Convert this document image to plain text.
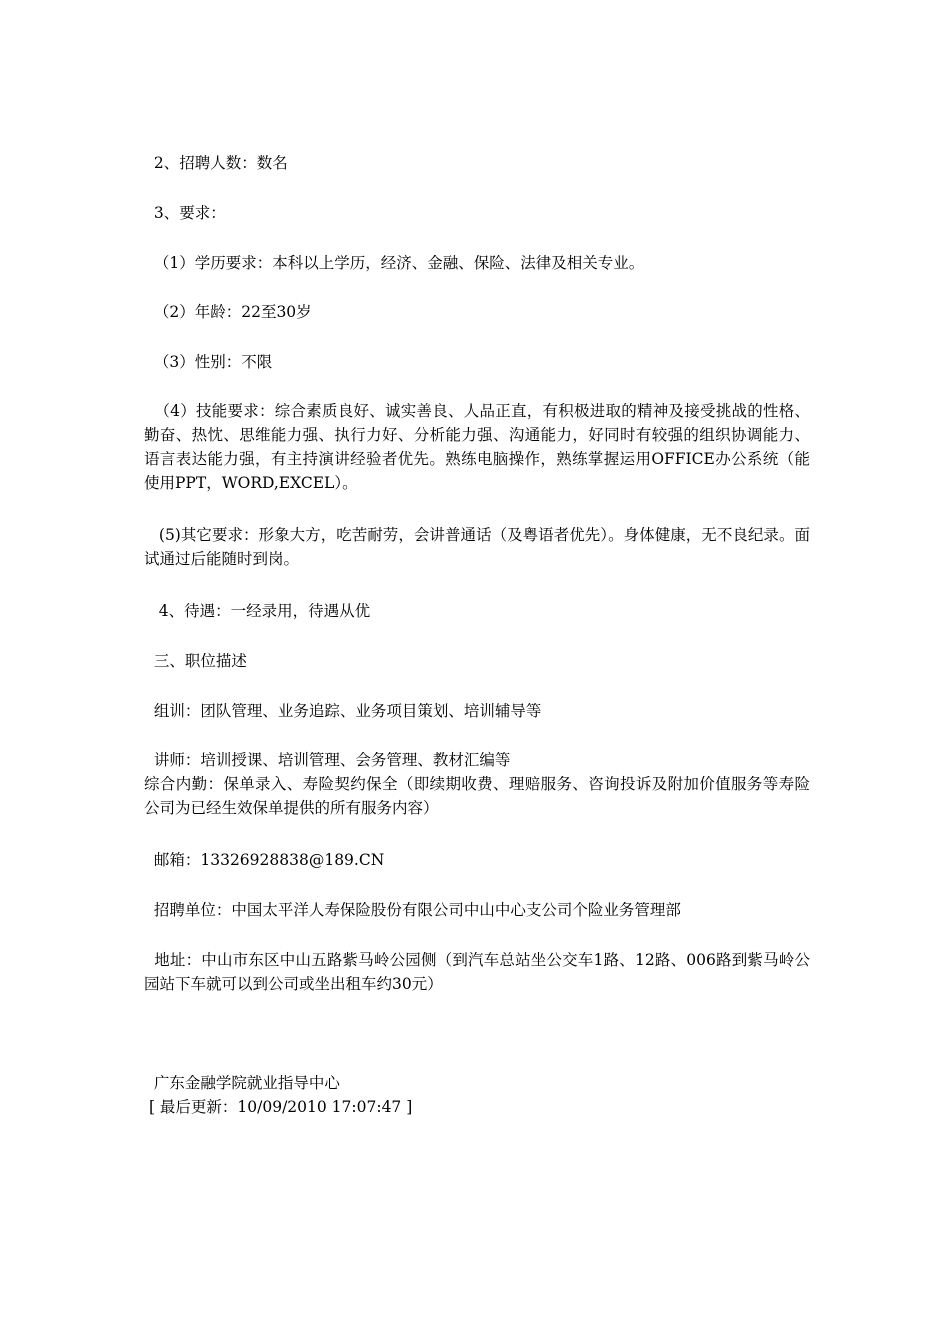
2、招聘人数：数名
3、要求：
（1）学历要求：本科以上学历，经济、金融、保险、法律及相关专业。
（2）年龄：22至30岁
（3）性别：不限
（4）技能要求：综合素质良好、诚实善良、人品正直，有积极进取的精神及接受挑战的性格、勤奋、热忱、思维能力强、执行力好、分析能力强、沟通能力，好同时有较强的组织协调能力、语言表达能力强，有主持演讲经验者优先。熟练电脑操作，熟练掌握运用OFFICE办公系统（能使用PPT，WORD,EXCEL）。
(5)其它要求：形象大方，吃苦耐劳，会讲普通话（及粤语者优先）。身体健康，无不良纪录。面试通过后能随时到岗。
4、待遇：一经录用，待遇从优
三、职位描述
组训：团队管理、业务追踪、业务项目策划、培训辅导等
讲师：培训授课、培训管理、会务管理、教材汇编等
综合内勤：保单录入、寿险契约保全（即续期收费、理赔服务、咨询投诉及附加价值服务等寿险公司为已经生效保单提供的所有服务内容）
邮箱：13326928838@189.CN
招聘单位：中国太平洋人寿保险股份有限公司中山中心支公司个险业务管理部
地址：中山市东区中山五路紫马岭公园侧（到汽车总站坐公交车1路、12路、006路到紫马岭公园站下车就可以到公司或坐出租车约30元）
广东金融学院就业指导中心
[ 最后更新：10/09/2010 17:07:47 ]
